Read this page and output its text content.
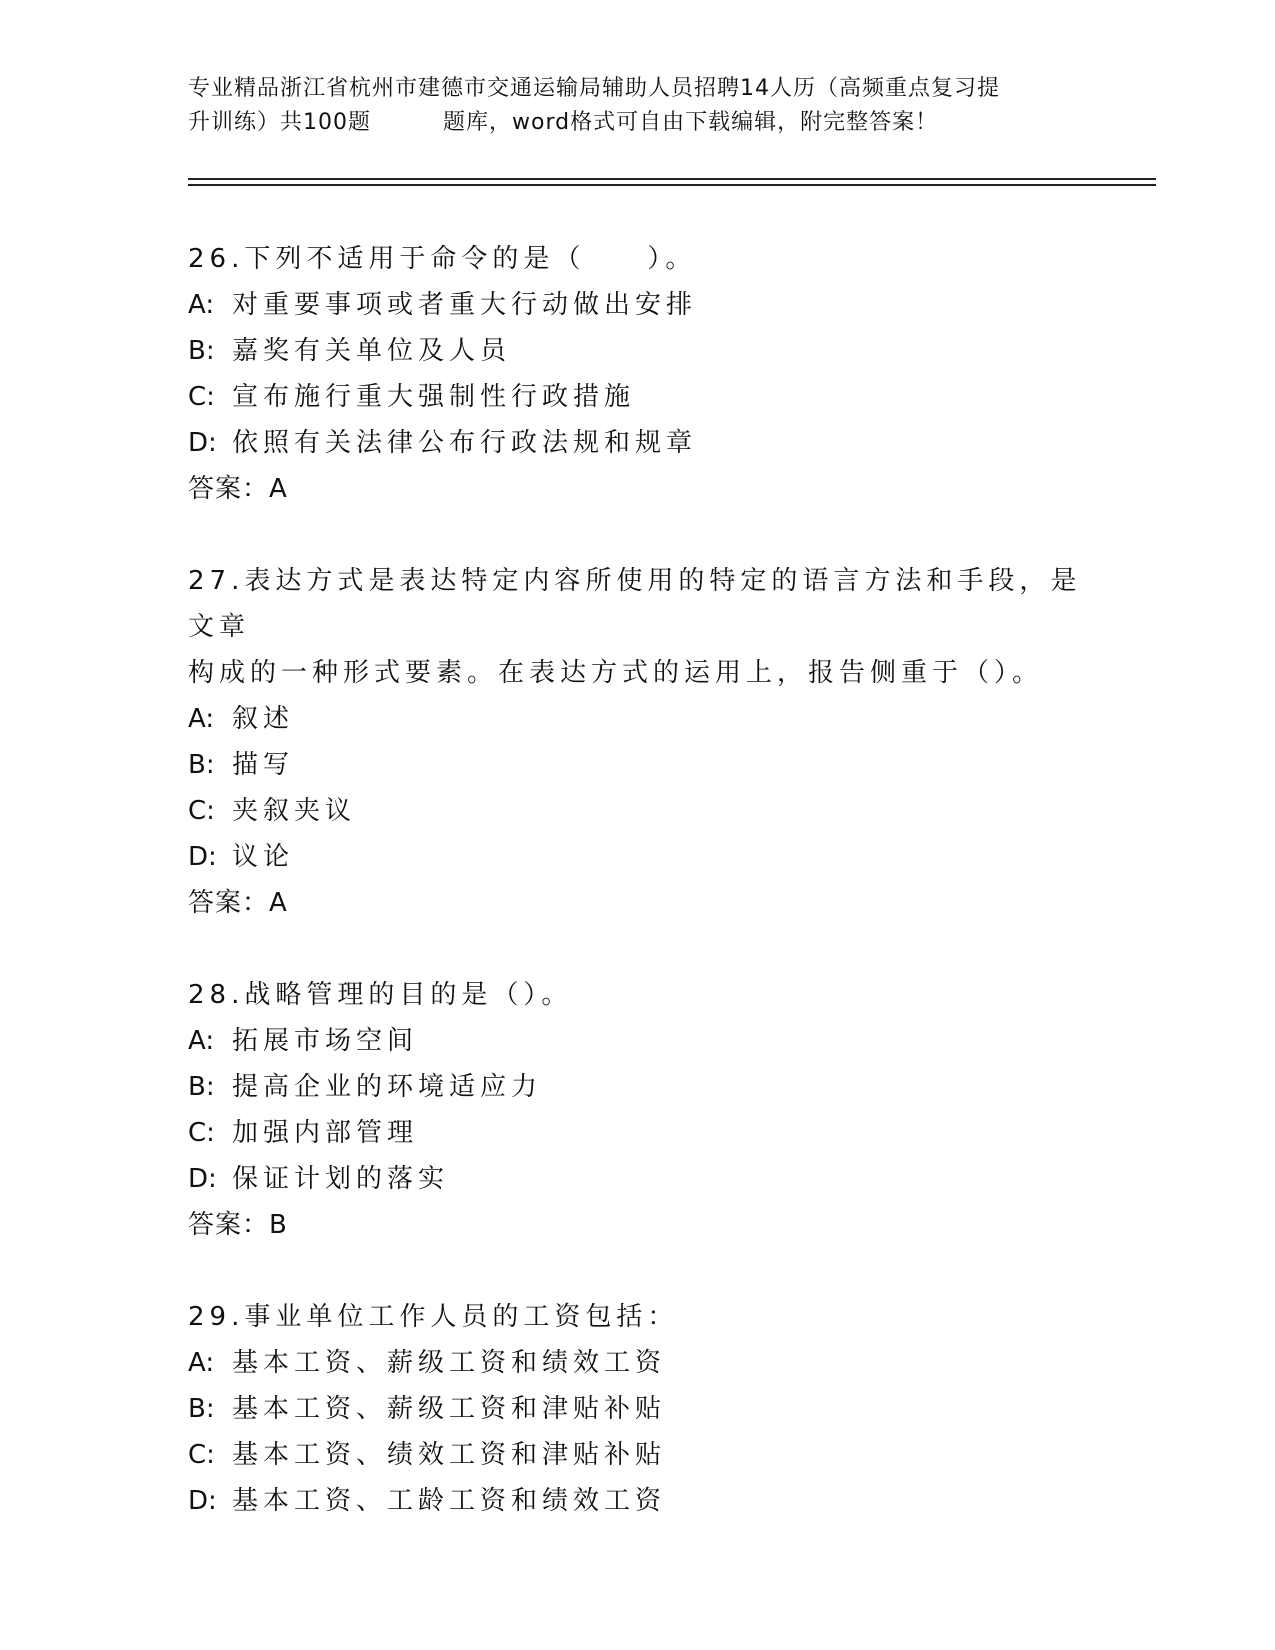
专业精品浙江省杭州市建德市交通运输局辅助人员招聘14人历（高频重点复习提
升训练）共100题	题库，word格式可自由下载编辑，附完整答案！
26.下列不适用于命令的是（　　）。
A: 对重要事项或者重大行动做出安排
B: 嘉奖有关单位及人员
C: 宣布施行重大强制性行政措施
D: 依照有关法律公布行政法规和规章
答案：A
27.表达方式是表达特定内容所使用的特定的语言方法和手段，是文章
构成的一种形式要素。在表达方式的运用上，报告侧重于（）。
A: 叙述
B: 描写
C: 夹叙夹议
D: 议论
答案：A
28.战略管理的目的是（）。
A: 拓展市场空间
B: 提高企业的环境适应力
C: 加强内部管理
D: 保证计划的落实
答案：B
29.事业单位工作人员的工资包括：
A: 基本工资、薪级工资和绩效工资
B: 基本工资、薪级工资和津贴补贴
C: 基本工资、绩效工资和津贴补贴
D: 基本工资、工龄工资和绩效工资
